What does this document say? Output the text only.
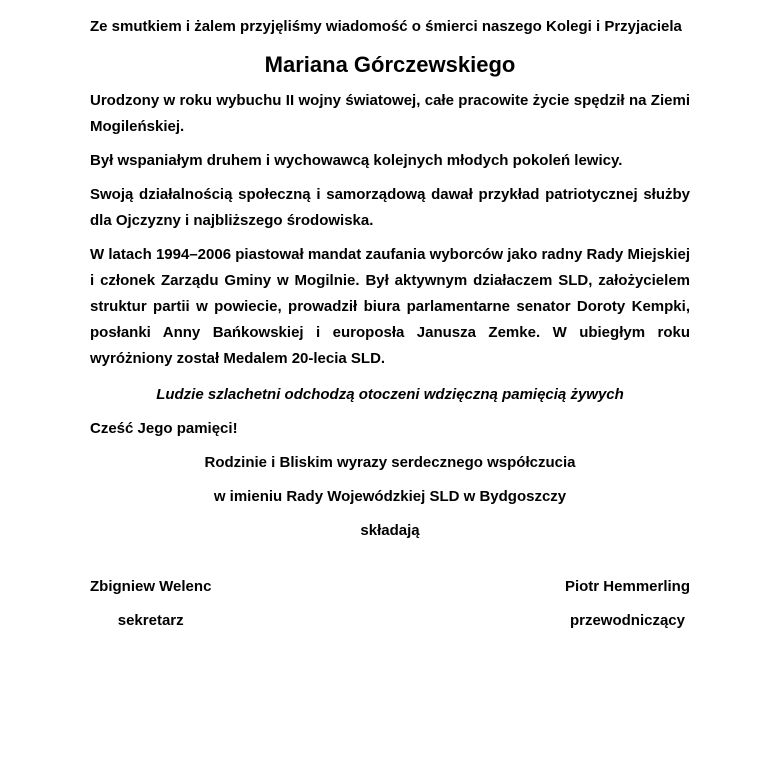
Ze smutkiem i żalem przyjęliśmy wiadomość o śmierci naszego Kolegi i Przyjaciela

Mariana Górczewskiego

Urodzony w roku wybuchu II wojny światowej, całe pracowite życie spędził na Ziemi Mogileńskiej.

Był wspaniałym druhem i wychowawcą kolejnych młodych pokoleń lewicy.

Swoją działalnością społeczną i samorządową dawał przykład patriotycznej służby dla Ojczyzny i najbliższego środowiska.

W latach 1994–2006 piastował mandat zaufania wyborców jako radny Rady Miejskiej i członek Zarządu Gminy w Mogilnie. Był aktywnym działaczem SLD, założycielem struktur partii w powiecie, prowadził biura parlamentarne senator Doroty Kempki, posłanki Anny Bańkowskiej i europosła Janusza Zemke. W ubiegłym roku wyróżniony został Medalem 20-lecia SLD.

Ludzie szlachetni odchodzą otoczeni wdzięczną pamięcią żywych

Cześć Jego pamięci!

Rodzinie i Bliskim wyrazy serdecznego współczucia

w imieniu Rady Wojewódzkiej SLD w Bydgoszczy

składają

Zbigniew Welenc

sekretarz

Piotr Hemmerling

przewodniczący
